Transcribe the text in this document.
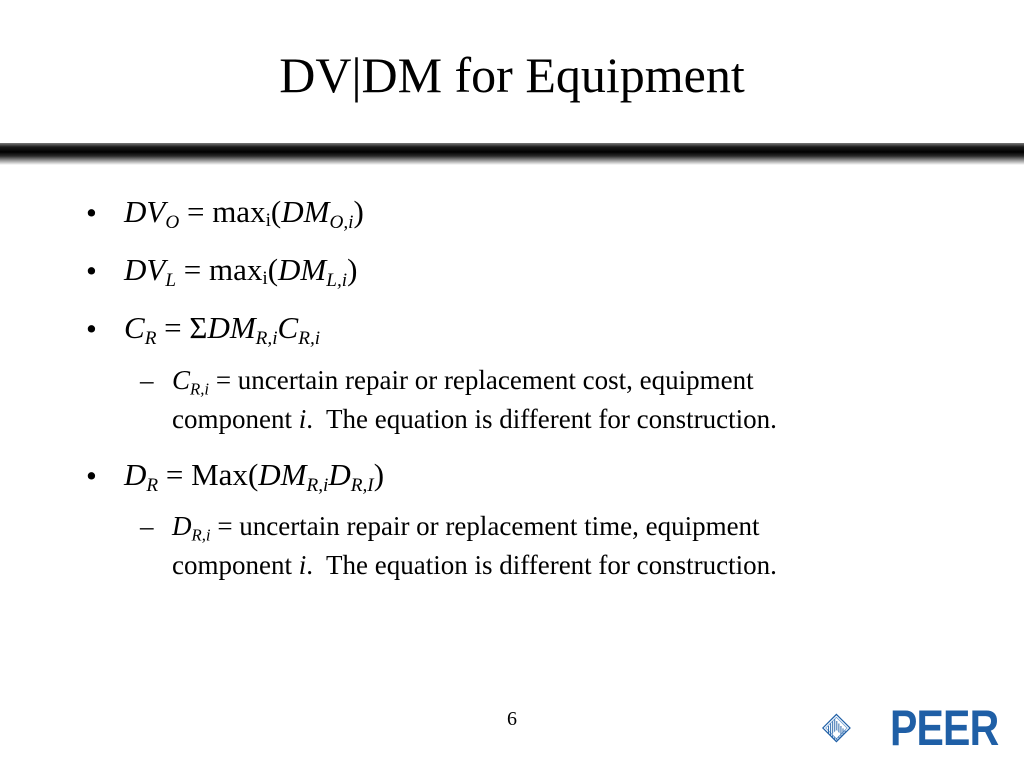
DV|DM for Equipment
• $DV_O = \max i(DM_{O,i})$
• $DV_L = \max i(DM_{L,i})$
• $C_R = \Sigma DM_{R,i}C_{R,i}$
– $C_{R,i}$ = uncertain repair or replacement cost, equipment
component i.  The equation is different for construction.
• $D_R = Max(DM_{R,i}D_{R,I})$
– $D_{R,i}$ = uncertain repair or replacement time, equipment
component i.  The equation is different for construction.
6	PEER
